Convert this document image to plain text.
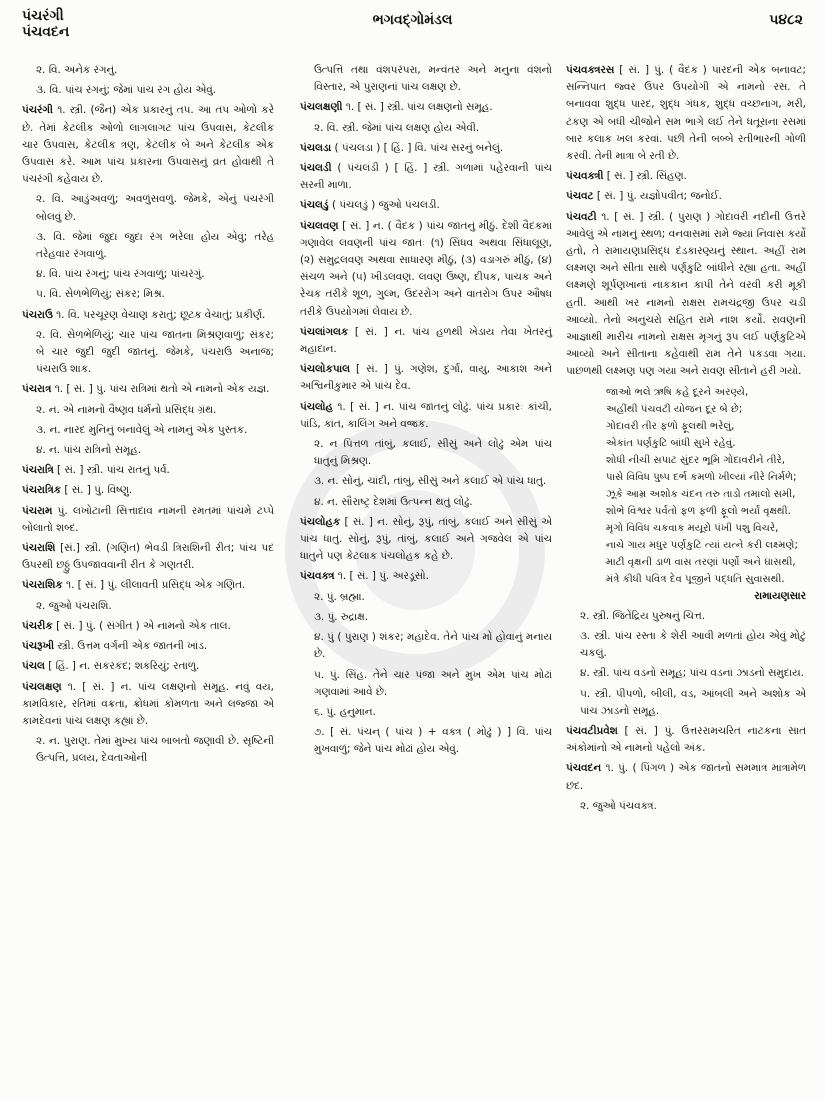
પંચરંગી
પંચવદન
ભગવદ્ગોમંડલ	૫૪૮૨
૨. વિ. અનેક રંગનું.
૩. વિ. પાંચ રંગનું; જેમાં પાંચ રંગ હોય એવું.
પંચરંગી ૧. સ્ત્રી. (જૈન) એક પ્રકારનું તપ. આ તપ ઓળો કરે છે. તેમાં કેટલીક ઓળો લાગલાગટ પાંચ ઉપવાસ, કેટલીક ચાર ઉપવાસ, કેટલીક ત્રણ, કેટલીક બે અને કેટલીક એક ઉપવાસ કરે. આમ પાંચ પ્રકારના ઉપવાસનું વ્રત હોવાથી તે પંચરંગી કહેવાય છે.
૨. વિ. આડુંઅવળું; અવળુંસવળું. જેમકે, એનું પંચરંગી બોલવું છે.
૩. વિ. જેમાં જુદા જુદા રંગ ભરેલા હોય એવું; તરેહ તરેહવાર રંગવાળું.
૪. વિ. પાંચ રંગનું; પાંચ રંગવાળું; પાંચરંગું.
૫. વિ. સેળભેળિયું; સંકર; મિશ્ર.
પંચરાઉ ૧. વિ. પરચૂરણ વેચાણ કરાતું; છૂટક વેચાતું; પ્રકીર્ણ.
૨. વિ. સેળભેળિયું; ચાર પાંચ જાતના મિશ્રણવાળું; સંકર; બે ચાર જુદી જુદી જાતનું. જેમકે, પંચરાઉ અનાજ; પંચરાઉ શાક.
પંચરાત્ર ૧. [ સં. ] પું. પાંચ રાત્રિમાં થતો એ નામનો એક યજ્ઞ.
૨. ન. એ નામનો વૈષ્ણવ ધર્મનો પ્રસિદ્ધ ગ્રંથ.
૩. ન. નારદ મુનિનું બનાવેલું એ નામનું એક પુસ્તક.
૪. ન. પાંચ રાત્રિનો સમૂહ.
પંચરાત્રિ [ સં. ] સ્ત્રી. પાંચ રાતનું પર્વ.
પંચરાત્રિક [ સં. ] પું. વિષ્ણુ.
પંચરામ પું. લખોટાની સિત્તાદાવ નામની રમતમાં પાંચમે ટપ્પે બોલાતો શબ્દ.
પંચરાશિ [સં.] સ્ત્રી. (ગણિત) ભેવડી ત્રિરાશિની રીત; પાંચ પદ ઉપરથી છઠ્ઠું ઉપજાવવાની રીત કે ગણતરી.
પંચરાશિક ૧. [ સં. ] પું. લીલાવતી પ્રસિદ્ધ એક ગણિત.
૨. જુઓ પંચરાશિ.
પંચરીક [ સં. ] પું. ( સંગીત ) એ નામનો એક તાલ.
પંચરૂખી સ્ત્રી. ઉત્તમ વર્ગની એક જાતની ખાંડ.
પંચલ [ હિં. ] ન. સકરકંદ; શકરિયું; રતાળુ.
પંચલક્ષણ ૧. [ સં. ] ન. પાંચ લક્ષણનો સમૂહ. નવું વય, કામવિકાર, રતિમાં વક્રતા, ક્રોધમાં કોમળતા અને લજ્જા એ કામદેવનાં પાંચ લક્ષણ કહ્યાં છે.
૨. ન. પુરાણ. તેમાં મુખ્ય પાંચ બાબતો જણાવી છે. સૃષ્ટિની ઉત્પત્તિ, પ્રલય, દેવતાઓની
ઉત્પત્તિ તથા વંશપરંપરા, મન્વંતર અને મનુના વંશનો વિસ્તાર, એ પુરાણનાં પાંચ લક્ષણ છે.
પંચલક્ષણી ૧. [ સં. ] સ્ત્રી. પાંચ લક્ષણનો સમૂહ.
૨. વિ. સ્ત્રી. જેમાં પાંચ લક્ષણ હોય એવી.
પંચલડા ( પંચલડા ) [ હિં. ] વિ. પાંચ સરનું બનેલું.
પંચલડી ( પંચલડી ) [ હિં. ] સ્ત્રી. ગળામાં પહેરવાની પાંચ સરની માળા.
પંચલડું ( પંચલડું ) જુઓ પંચલડી.
પંચલવણ [ સં. ] ન. ( વૈદક ) પાંચ જાતનું મીઠું. દેશી વૈદકમાં ગણાવેલ લવણની પાંચ જાતઃ (૧) સિંધવ અથવા સિંધાલૂણ, (૨) સમુદ્રલવણ અથવા સાધારણ મીઠું, (૩) વડાગરું મીઠું, (૪) સંચળ અને (૫) ખીડલવણ. લવણ ઉષ્ણ, દીપક, પાચક અને રેચક તરીકે શૂળ, ગુલ્મ, ઉદરરોગ અને વાતરોગ ઉપર ઔષધ તરીકે ઉપયોગમાં લેવાય છે.
પંચલાંગલક [ સં. ] ન. પાંચ હળથી ખેડાય તેવા ખેતરનું મહાદાન.
પંચલોકપાલ [ સં. ] પું. ગણેશ, દુર્ગા, વાયુ, આકાશ અને અશ્વિનીકુમાર એ પાંચ દેવ.
પંચલોહ ૧. [ સં. ] ન. પાંચ જાતનું લોઢું. પાંચ પ્રકારઃ કાંચી, પાંડિ, કાંત, કાલિંગ અને વજ્રક.
૨. ન પિત્તળ તાંબું, કલાઈ, સીસું અને લોઢું એમ પાંચ ધાતુનું મિશ્રણ.
૩. ન. સોનું, ચાંદી, તાંબું, સીસું અને કલાઈ એ પાંચ ધાતુ.
૪. ન. સૌરાષ્ટ્ર દેશમાં ઉત્પન્ન થતું લોઢું.
પંચલોહક [ સં. ] ન. સોનું, રૂપું, તાંબું, કલાઈ અને સીસું એ પાંચ ધાતુ. સોનું, રૂપું, તાંબું, કલાઈ અને ગજવેલ એ પાંચ ધાતુને પણ કેટલાક પંચલોહક કહે છે.
પંચવક્ત્ર ૧. [ સં. ] પું. અરડૂસો.
૨. પું. બ્રહ્મા.
૩. પું. રુદ્રાક્ષ.
૪. પું ( પુરાણ ) શંકર; મહાદેવ. તેને પાંચ મોં હોવાનું મનાય છે.
૫. પું. સિંહ. તેને ચાર પંજા અને મુખ એમ પાંચ મોઢાં ગણવામાં આવે છે.
૬. પું. હનુમાન.
૭. [ સં. પંચન્ ( પાંચ ) + વક્ત્ર ( મોઢું ) ] વિ. પાંચ મુખવાળું; જેને પાંચ મોઢાં હોય એવું.
પંચવક્ત્રરસ [ સં. ] પું. ( વૈદક ) પારદની એક બનાવટ; સન્નિપાત જ્વર ઉપર ઉપયોગી એ નામનો રસ. તે બનાવવા શુદ્ધ પારદ, શુદ્ધ ગંધક, શુદ્ધ વચ્છનાગ, મરી, ટંકણ એ બધી ચીજોને સમ ભાગે લઈ તેને ધતૂરાના રસમાં બાર કલાક ખલ કરવાં. પછી તેની બબ્બે રતીભારની ગોળી કરવી. તેની માત્રા બે રતી છે.
પંચવક્ત્રી [ સં. ] સ્ત્રી. સિંહણ.
પંચવટ [ સં. ] પું. યજ્ઞોપવીત; જનોઈ.
પંચવટી ૧. [ સં. ] સ્ત્રી. ( પુરાણ ) ગોદાવરી નદીની ઉત્તરે આવેલું એ નામનું સ્થળ; વનવાસમાં રામે જ્યાં નિવાસ કર્યો હતો, તે રામાયણપ્રસિદ્ધ દંડકારણ્યનું સ્થાન. અહીં રામ લક્ષ્મણ અને સીતા સાથે પર્ણકુટિ બાંધીને રહ્યા હતા. અહીં લક્ષ્મણે શૂર્પણખાનાં નાકકાન કાપી તેને વરવી કરી મૂકી હતી. આથી ખર નામનો રાક્ષસ રામચંદ્રજી ઉપર ચડી આવ્યો. તેનો અનુચરો સહિત રામે નાશ કર્યો. રાવણની આજ્ઞાથી મારીચ નામનો રાક્ષસ મૃગનું રૂપ લઈ પર્ણકુટિએ આવ્યો અને સીતાના કહેવાથી રામ તેને પકડવા ગયા. પાછળથી લક્ષ્મણ પણ ગયા અને રાવણ સીતાને હરી ગયો.
જાઓ ભલે ઋષિ કહે દૂરને અરણ્યે,
અહીંથી પંચવટી યોજન દૂર બે છે;
ગોદાવરી તીર ફળો ફૂલથી ભરેલું,
એકાંત પર્ણકુટિ બાંધી સુખે રહેવું.
શોધી નીચી સપાટ સુંદર ભૂમિ ગોદાવરીને તીરે,
પાસે વિવિધ પુષ્પ દર્ભ કમળો ખીલ્યાં નીરે નિર્મળે;
ઝૂકે આમ્ર અશોક ચંદન તરુ તાડો તમાલો સમી,
શોભે વિશ્વર પર્વતો ફળ ફળી ફૂલો ભર્યાં વૃક્ષથી.
મૃગો વિવિધ ચકવાક મયૂરો પંખી પશુ વિચરે,
નાચે ગાય મધુર પર્ણકુટિ ત્યાં યત્ને કરી લક્ષ્મણે;
માટી વૃક્ષની ડાળ વાસ તરણાં પર્ણો અને ઘાસથી,
મંત્રે કીધી પવિત્ર દેવ પૂજીને પદ્ધતિ સુવાસથી.
રામાયણસાર
૨. સ્ત્રી. જિતેંદ્રિય પુરુષનું ચિત્ત.
૩. સ્ત્રી. પાંચ રસ્તા કે શેરી આવી મળતાં હોય એવું મોટું ચકલું.
૪. સ્ત્રી. પાંચ વડનો સમૂહ; પાંચ વડનાં ઝાડનો સમુદાય.
૫. સ્ત્રી. પીપળો, બીલી, વડ, આંબલી અને અશોક એ પાંચ ઝાડનો સમૂહ.
પંચવટીપ્રવેશ [ સં. ] પું. ઉત્તરરામચરિત નાટકના સાત અંકોમાંનો એ નામનો પહેલો અંક.
પંચવદન ૧. પું. ( પિંગળ ) એક જાતનો સમમાત્ર માત્રામેળ છંદ.
૨. જુઓ પંચવક્ત્ર.
